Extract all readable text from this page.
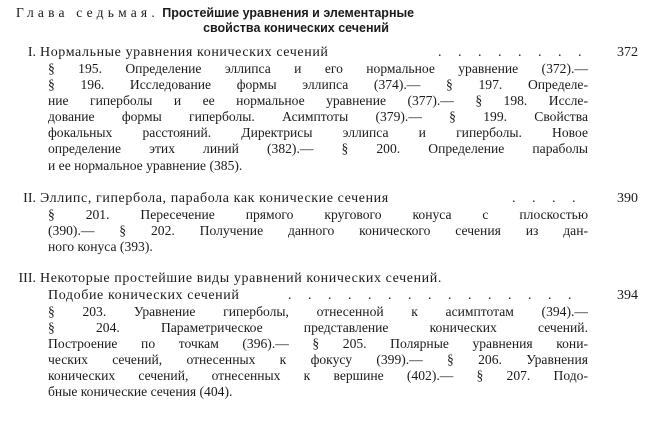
Глава седьмая. Простейшие уравнения и элементарные
свойства конических сечений
I. Нормальные уравнения конических сечений	. . . . . . . . 372
§ 195. Определение эллипса и его нормальное уравнение (372).—
§ 196. Исследование формы эллипса (374).— § 197. Определе-
ние гиперболы и ее нормальное уравнение (377).— § 198. Иссле-
дование формы гиперболы. Асимптоты (379).— § 199. Свойства
фокальных расстояний. Директрисы эллипса и гиперболы. Новое
определение этих линий (382).— § 200. Определение параболы
и ее нормальное уравнение (385).
II. Эллипс, гипербола, парабола как конические сечения	. . . .	390
§ 201. Пересечение прямого кругового конуса с плоскостью
(390).— § 202. Получение данного конического сечения из дан-
ного конуса (393).
III. Некоторые простейшие виды уравнений конических сечений.
Подобие конических сечений	. . . . . . . . . . . . . . .	394
§ 203. Уравнение гиперболы, отнесенной к асимптотам (394).—
§ 204. Параметрическое представление конических сечений.
Построение по точкам (396).— § 205. Полярные уравнения кони-
ческих сечений, отнесенных к фокусу (399).— § 206. Уравнения
конических сечений, отнесенных к вершине (402).— § 207. Подо-
бные конические сечения (404).
